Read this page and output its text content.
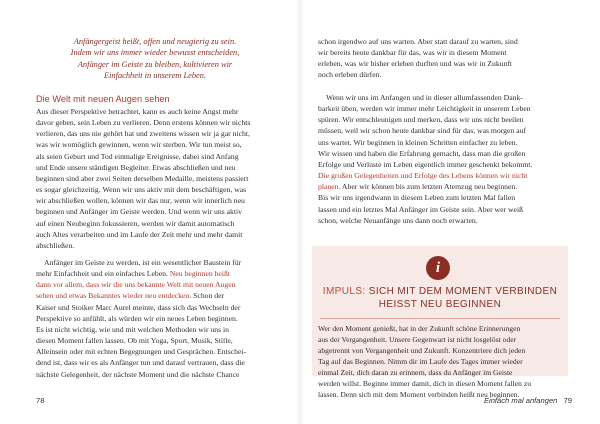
Anfängergeist heißt, offen und neugierig zu sein.
Indem wir uns immer wieder bewusst entscheiden,
Anfänger im Geiste zu bleiben, kultivieren wir
Einfachheit in unserem Leben.
Die Welt mit neuen Augen sehen
Aus dieser Perspektive betrachtet, kann es auch keine Angst mehr
davor geben, sein Leben zu verlieren. Denn erstens können wir nichts
verlieren, das uns nie gehört hat und zweitens wissen wir ja gar nicht,
was wir womöglich gewinnen, wenn wir sterben. Wir tun meist so,
als seien Geburt und Tod einmalige Ereignisse, dabei sind Anfang
und Ende unsere ständigen Begleiter. Etwas abschließen und neu
beginnen sind aber zwei Seiten derselben Medaille, meistens passiert
es sogar gleichzeitig. Wenn wir uns aktiv mit dem beschäftigen, was
wir abschließen wollen, können wir das nur, wenn wir innerlich neu
beginnen und Anfänger im Geiste werden. Und wenn wir uns aktiv
auf einen Neubeginn fokussieren, werden wir damit automatisch
auch Altes verarbeiten und im Laufe der Zeit mehr und mehr damit
abschließen.
Anfänger im Geiste zu werden, ist ein wesentlicher Baustein für
mehr Einfachheit und ein einfaches Leben. Neu beginnen heißt
dann vor allem, dass wir die uns bekannte Welt mit neuen Augen
sehen und etwas Bekanntes wieder neu entdecken. Schon der
Kaiser und Stoiker Marc Aurel meinte, dass sich das Wechseln der
Perspektive so anfühlt, als würden wir ein neues Leben beginnen.
Es ist nicht wichtig, wie und mit welchen Methoden wir uns in
diesen Moment fallen lassen. Ob mit Yoga, Sport, Musik, Stille,
Alleinsein oder mit echten Begegnungen und Gesprächen. Entschei-
dend ist, dass wir es als Anfänger tun und darauf vertrauen, dass die
nächste Gelegenheit, der nächste Moment und die nächste Chance
78
schon irgendwo auf uns warten. Aber statt darauf zu warten, sind
wir bereits heute dankbar für das, was wir in diesem Moment
erleben, was wir bisher erleben durften und was wir in Zukunft
noch erleben dürfen.
Wenn wir uns im Anfangen und in dieser allumfassenden Dank-
barkeit üben, werden wir immer mehr Leichtigkeit in unserem Leben
spüren. Wir entschleunigen und merken, dass wir uns nicht beeilen
müssen, weil wir schon heute dankbar sind für das, was morgen auf
uns wartet. Wir beginnen in kleinen Schritten einfacher zu leben.
Wir wissen und haben die Erfahrung gemacht, dass man die großen
Erfolge und Verluste im Leben eigentlich immer geschenkt bekommt.
Die großen Gelegenheiten und Erfolge des Lebens können wir nicht
planen. Aber wir können bis zum letzten Atemzug neu beginnen.
Bis wir uns irgendwann in diesem Leben zum letzten Mal fallen
lassen und ein letztes Mal Anfänger im Geiste sein. Aber wer weiß
schon, welche Neuanfänge uns dann noch erwarten.
i
IMPULS: SICH MIT DEM MOMENT VERBINDEN
HEISST NEU BEGINNEN
Wer den Moment genießt, hat in der Zukunft schöne Erinnerungen
aus der Vergangenheit. Unsere Gegenwart ist nicht losgelöst oder
abgetrennt von Vergangenheit und Zukunft. Konzentriere dich jeden
Tag auf das Beginnen. Nimm dir im Laufe des Tages immer wieder
einmal Zeit, dich daran zu erinnern, dass du Anfänger im Geiste
werden willst. Beginne immer damit, dich in diesen Moment fallen zu
lassen. Denn sich mit dem Moment verbinden heißt neu beginnen.
Einfach mal anfangen 79
